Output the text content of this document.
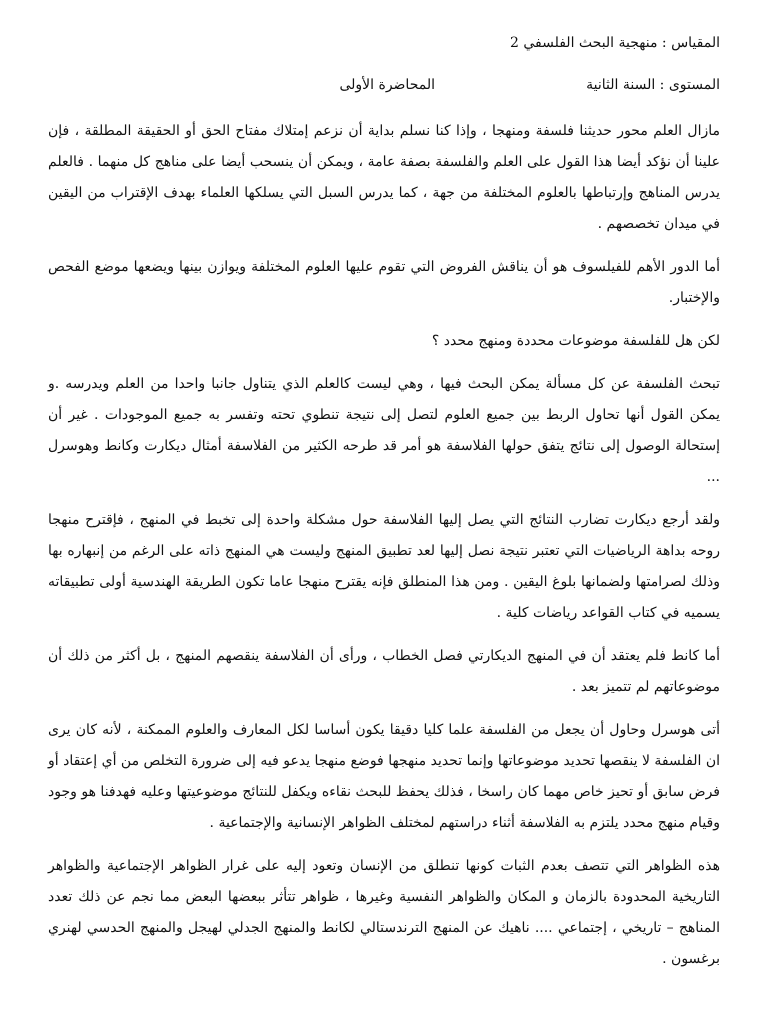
المقياس : منهجية البحث الفلسفي 2
المستوى : السنة الثانية
المحاضرة الأولى

مازال العلم محور حديثنا فلسفة ومنهجا ، وإذا كنا نسلم بداية أن نزعم إمتلاك مفتاح الحق أو الحقيقة المطلقة ، فإن علينا أن نؤكد أيضا هذا القول على العلم والفلسفة بصفة عامة ، ويمكن أن ينسحب أيضا على مناهج كل منهما . فالعلم يدرس المناهج وإرتباطها بالعلوم المختلفة من جهة ، كما يدرس السبل التي يسلكها العلماء بهدف الإقتراب من اليقين في ميدان تخصصهم .

أما الدور الأهم للفيلسوف هو أن يناقش الفروض التي تقوم عليها العلوم المختلفة ويوازن بينها ويضعها موضع الفحص والإختبار.

لكن هل للفلسفة موضوعات محددة ومنهج محدد ؟

تبحث الفلسفة عن كل مسألة يمكن البحث فيها ، وهي ليست كالعلم الذي يتناول جانبا واحدا من العلم ويدرسه .و يمكن القول أنها تحاول الربط بين جميع العلوم لتصل إلى نتيجة تنطوي تحته وتفسر به جميع الموجودات . غير أن إستحالة الوصول إلى نتائج يتفق حولها الفلاسفة هو أمر قد طرحه الكثير من الفلاسفة أمثال ديكارت وكانط وهوسرل ...

ولقد أرجع ديكارت تضارب النتائج التي يصل إليها الفلاسفة حول مشكلة واحدة إلى تخبط في المنهج ، فإقترح منهجا روحه بداهة الرياضيات التي تعتبر نتيجة نصل إليها لعد تطبيق المنهج وليست هي المنهج ذاته على الرغم من إنبهاره بها وذلك لصرامتها ولضمانها بلوغ اليقين . ومن هذا المنطلق فإنه يقترح منهجا عاما تكون الطريقة الهندسية أولى تطبيقاته يسميه في كتاب القواعد رياضات كلية .

أما كانط فلم يعتقد أن في المنهج الديكارتي فصل الخطاب ، ورأى أن الفلاسفة ينقصهم المنهج ، بل أكثر من ذلك أن موضوعاتهم لم تتميز بعد .

أتى هوسرل وحاول أن يجعل من الفلسفة علما كليا دقيقا يكون أساسا لكل المعارف والعلوم الممكنة ، لأنه كان يرى ان الفلسفة لا ينقصها تحديد موضوعاتها وإنما تحديد منهجها فوضع منهجا يدعو فيه إلى ضرورة التخلص من أي إعتقاد أو فرض سابق أو تحيز خاص مهما كان راسخا ، فذلك يحفظ للبحث نقاءه ويكفل للنتائج موضوعيتها وعليه فهدفنا هو وجود وقيام منهج محدد يلتزم به الفلاسفة أثناء دراستهم لمختلف الظواهر الإنسانية والإجتماعية .

هذه الظواهر التي تتصف بعدم الثبات كونها تنطلق من الإنسان وتعود إليه على غرار الظواهر الإجتماعية والظواهر التاريخية المحدودة بالزمان و المكان والظواهر النفسية وغيرها ، ظواهر تتأثر ببعضها البعض مما نجم عن ذلك تعدد المناهج – تاريخي ، إجتماعي .... ناهيك عن المنهج الترندستالي لكانط والمنهج الجدلي لهيجل والمنهج الحدسي لهنري برغسون .
